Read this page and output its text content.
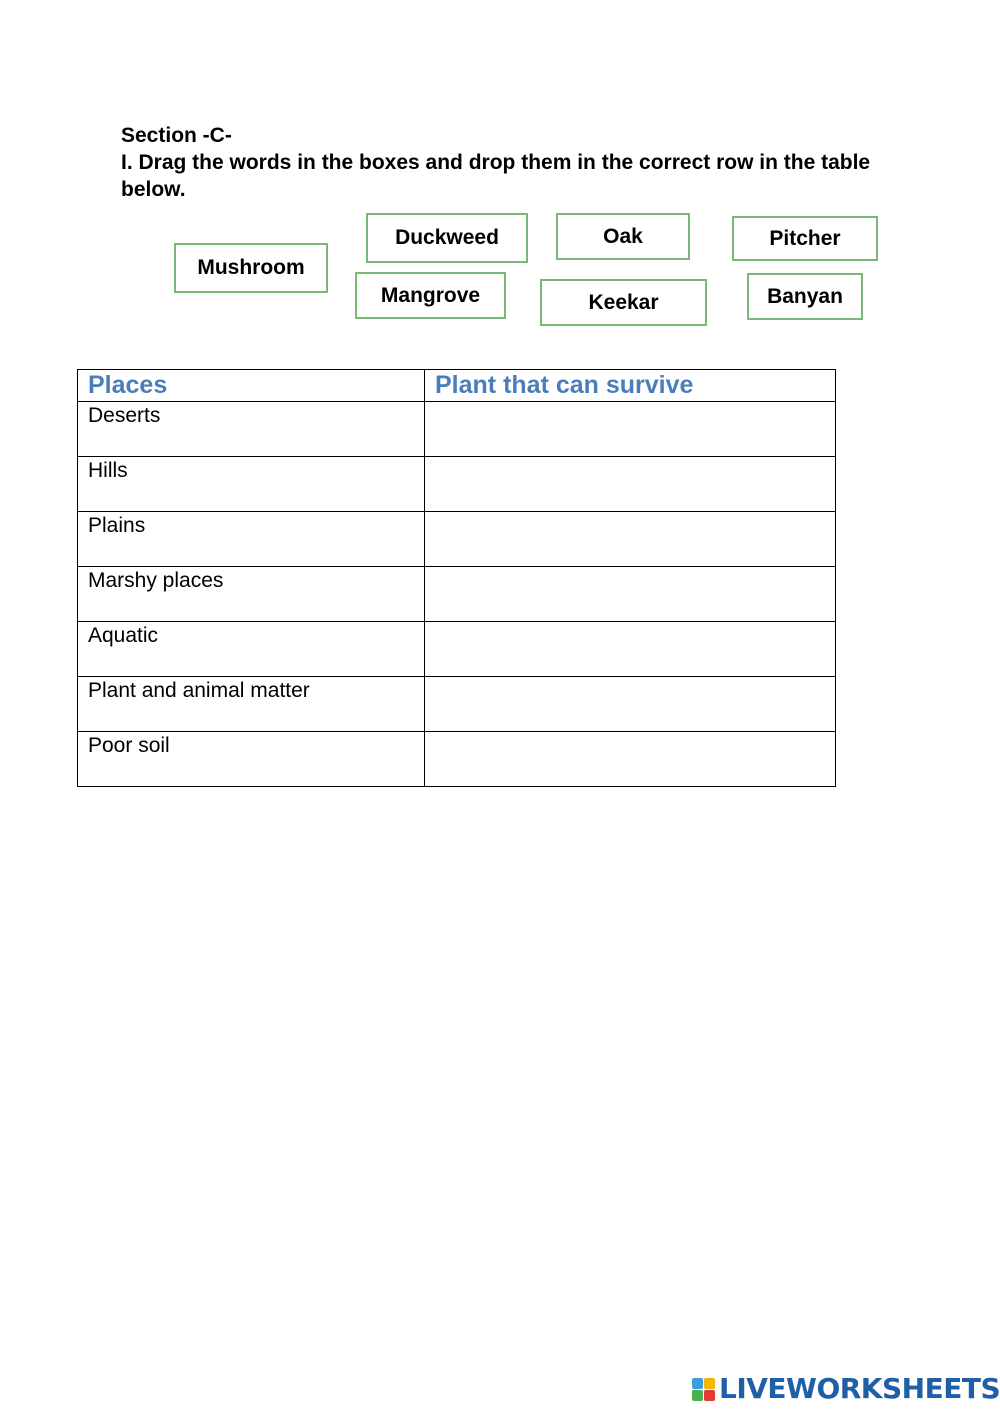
Section -C-
I. Drag the words in the boxes and drop them in the correct row in the table below.
Duckweed	Oak	Pitcher
Mushroom
Mangrove	Keekar	Banyan
Places	Plant that can survive
Deserts	
Hills	
Plains	
Marshy places	
Aquatic	
Plant and animal matter	
Poor soil	
LIVEWORKSHEETS
